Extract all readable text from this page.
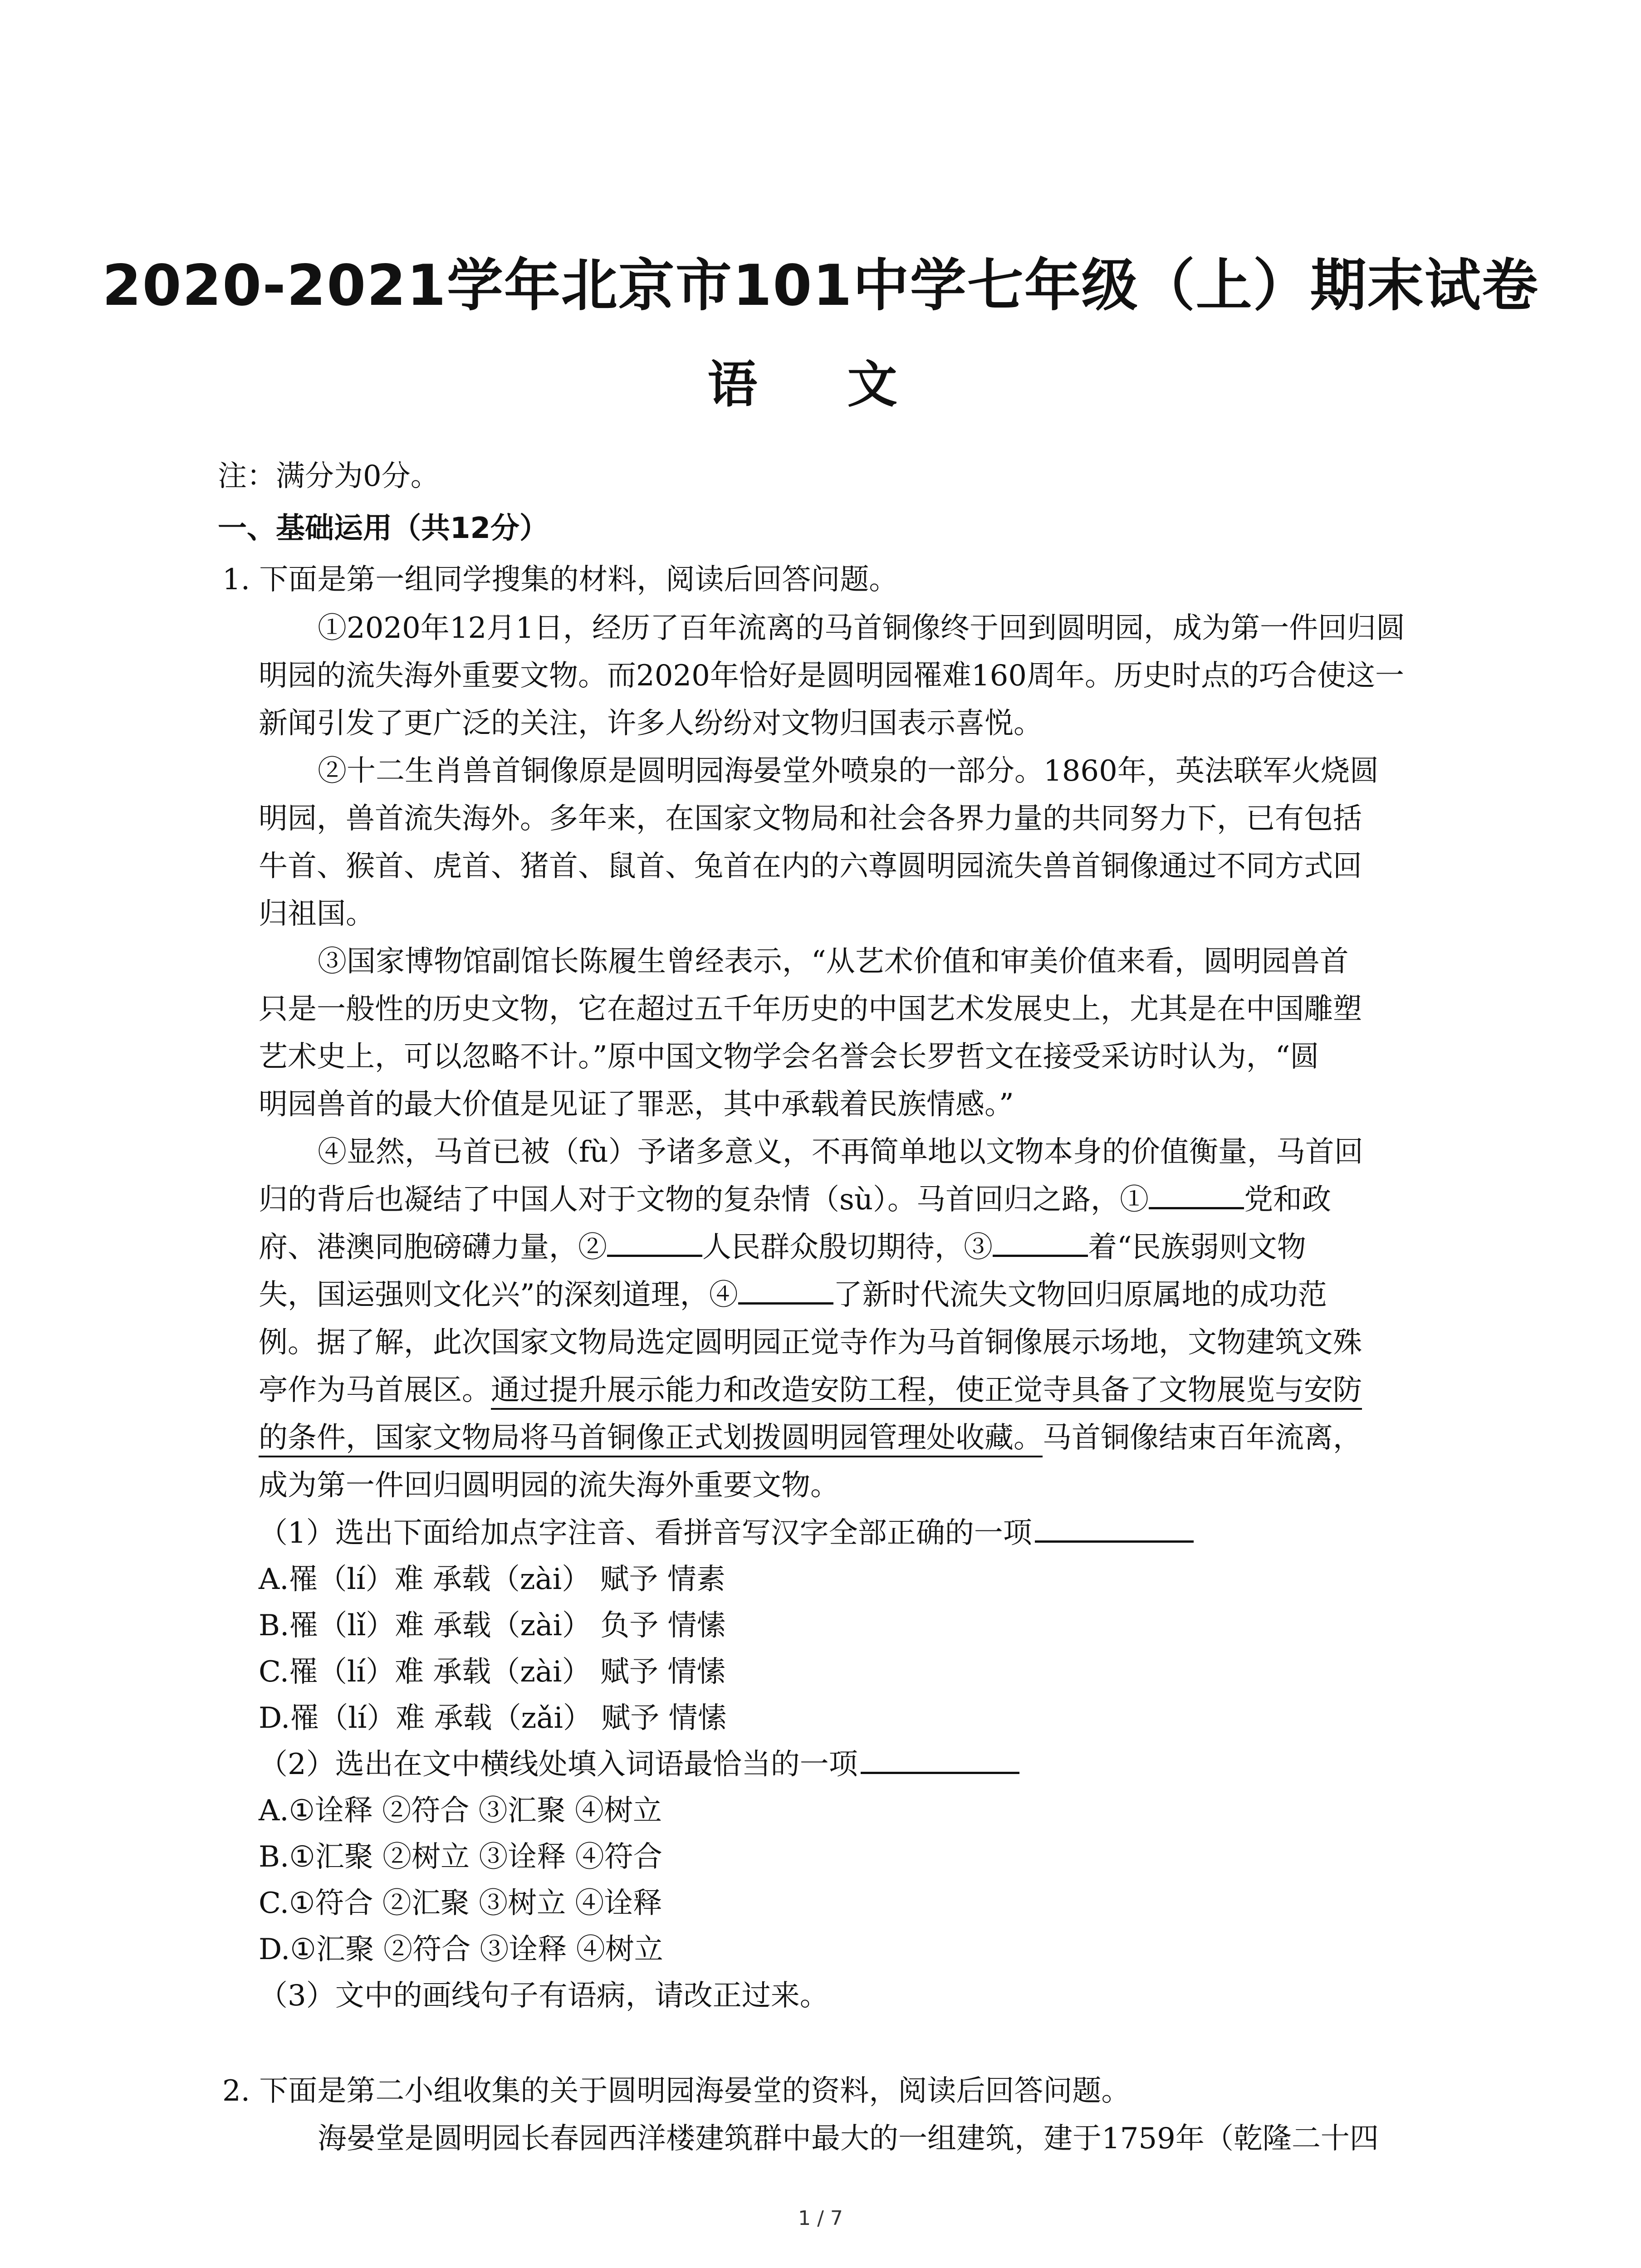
2020-2021学年北京市101中学七年级（上）期末试卷
语 文
注：满分为0分。
一、基础运用（共12分）
1. 下面是第一组同学搜集的材料，阅读后回答问题。
①2020年12月1日，经历了百年流离的马首铜像终于回到圆明园，成为第一件回归圆
明园的流失海外重要文物。而2020年恰好是圆明园罹难160周年。历史时点的巧合使这一
新闻引发了更广泛的关注，许多人纷纷对文物归国表示喜悦。
②十二生肖兽首铜像原是圆明园海晏堂外喷泉的一部分。1860年，英法联军火烧圆
明园，兽首流失海外。多年来，在国家文物局和社会各界力量的共同努力下，已有包括
牛首、猴首、虎首、猪首、鼠首、兔首在内的六尊圆明园流失兽首铜像通过不同方式回
归祖国。
③国家博物馆副馆长陈履生曾经表示，“从艺术价值和审美价值来看，圆明园兽首
只是一般性的历史文物，它在超过五千年历史的中国艺术发展史上，尤其是在中国雕塑
艺术史上，可以忽略不计。”原中国文物学会名誉会长罗哲文在接受采访时认为，“圆
明园兽首的最大价值是见证了罪恶，其中承载着民族情感。”
④显然，马首已被（fù）予诸多意义，不再简单地以文物本身的价值衡量，马首回
归的背后也凝结了中国人对于文物的复杂情（sù）。马首回归之路，①	党和政
府、港澳同胞磅礴力量，②	人民群众殷切期待，③	着“民族弱则文物
失，国运强则文化兴”的深刻道理，④	了新时代流失文物回归原属地的成功范
例。据了解，此次国家文物局选定圆明园正觉寺作为马首铜像展示场地，文物建筑文殊
亭作为马首展区。通过提升展示能力和改造安防工程，使正觉寺具备了文物展览与安防
的条件，国家文物局将马首铜像正式划拨圆明园管理处收藏。马首铜像结束百年流离，
成为第一件回归圆明园的流失海外重要文物。
（1）选出下面给加点字注音、看拼音写汉字全部正确的一项
A.罹（lí）难 承载（zài） 赋予 情素
B.罹（lǐ）难 承载（zài） 负予 情愫
C.罹（lí）难 承载（zài） 赋予 情愫
D.罹（lí）难 承载（zǎi） 赋予 情愫
（2）选出在文中横线处填入词语最恰当的一项
A.①诠释 ②符合 ③汇聚 ④树立
B.①汇聚 ②树立 ③诠释 ④符合
C.①符合 ②汇聚 ③树立 ④诠释
D.①汇聚 ②符合 ③诠释 ④树立
（3）文中的画线句子有语病，请改正过来。
2. 下面是第二小组收集的关于圆明园海晏堂的资料，阅读后回答问题。
海晏堂是圆明园长春园西洋楼建筑群中最大的一组建筑，建于1759年（乾隆二十四
1 / 7
